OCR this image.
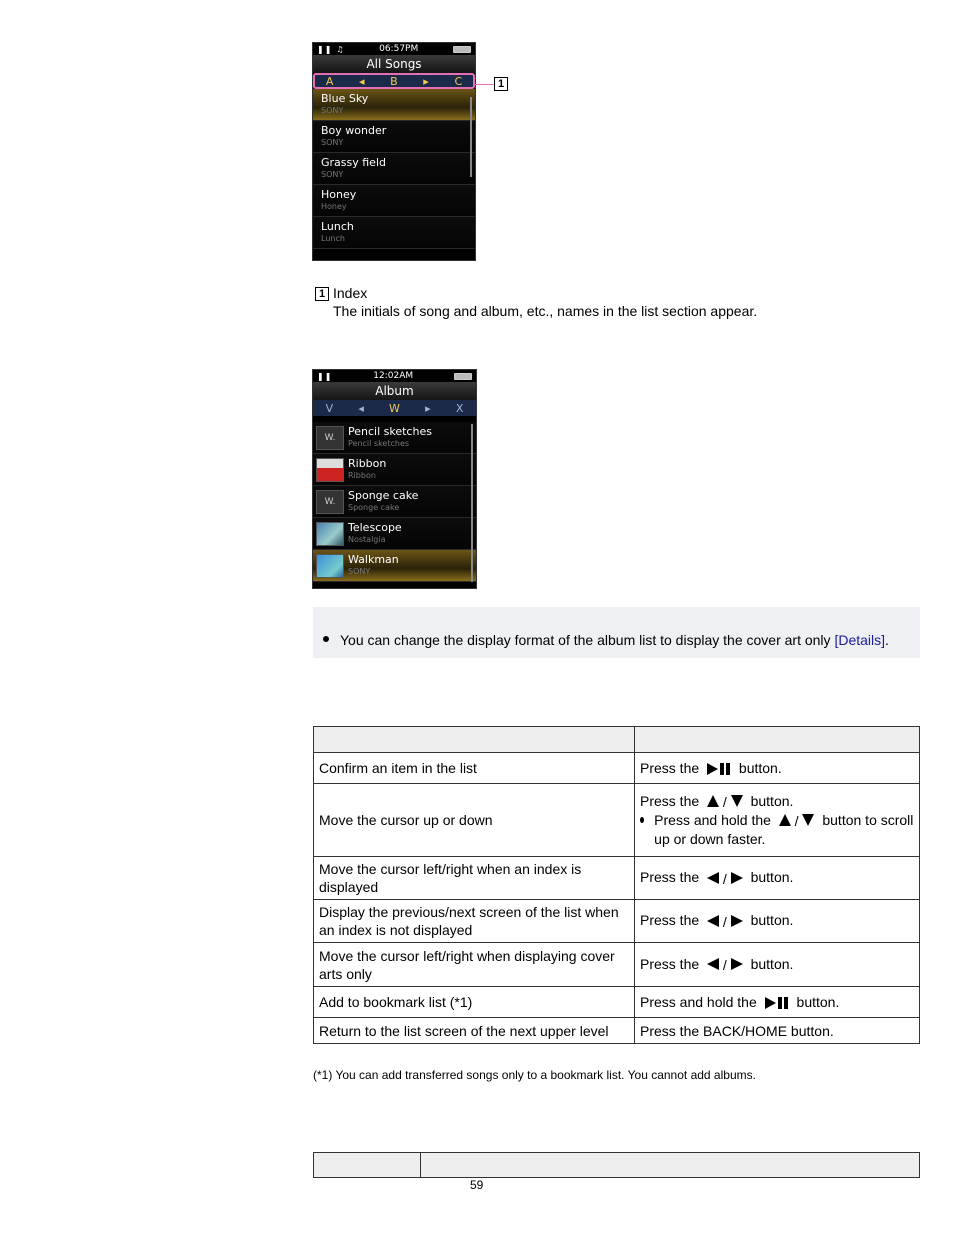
❚❚ ♫	06:57PM
All Songs
A ◂ B ▸ C
Blue Sky
SONY
Boy wonder
SONY
Grassy field
SONY
Honey
Honey
Lunch
Lunch
1
1 Index
The initials of song and album, etc., names in the list section appear.
❚❚	12:02AM
Album
V ◂ W ▸ X
W.	Pencil sketches
Pencil sketches
Ribbon
Ribbon
W.	Sponge cake
Sponge cake
Telescope
Nostalgia
Walkman
SONY
You can change the display format of the album list to display the cover art only [Details].

Confirm an item in the list	Press the button.
Move the cursor up or down	Press the  /  button.
Press and hold the  /  button to scroll up or down faster.

Move the cursor left/right when an index is displayed	Press the  /  button.
Display the previous/next screen of the list when an index is not displayed	Press the  /  button.
Move the cursor left/right when displaying cover arts only	Press the  /  button.
Add to bookmark list (*1)	Press and hold the button.
Return to the list screen of the next upper level	Press the BACK/HOME button.
(*1) You can add transferred songs only to a bookmark list. You cannot add albums.

59
